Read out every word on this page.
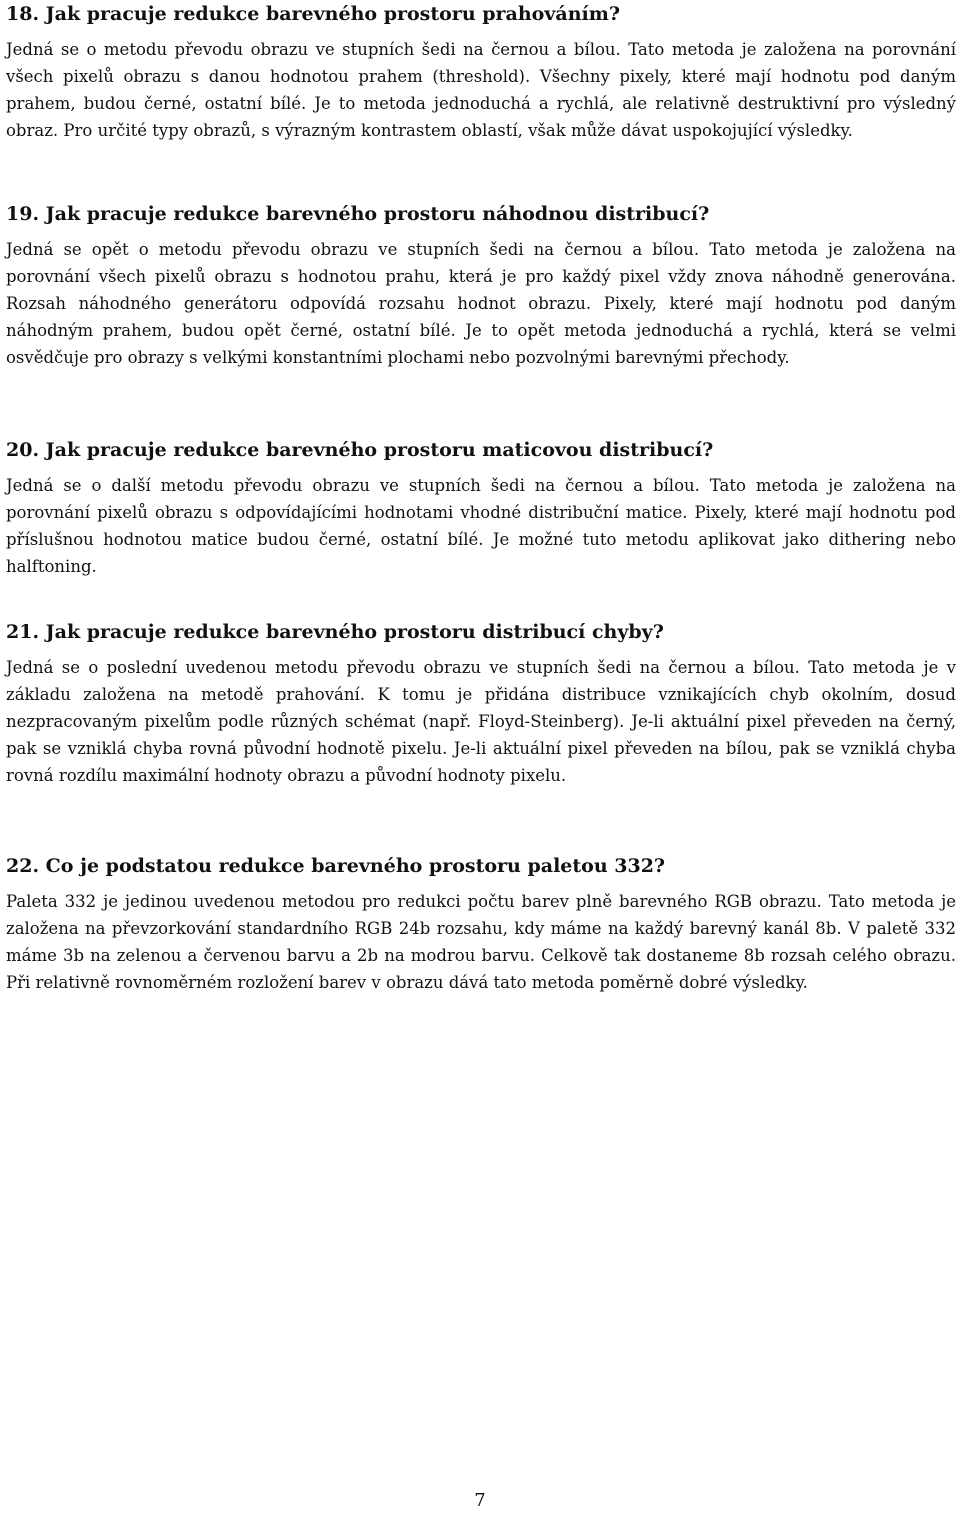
18. Jak pracuje redukce barevného prostoru prahováním?

Jedná se o metodu převodu obrazu ve stupních šedi na černou a bílou. Tato metoda je založena na porovnání všech pixelů obrazu s danou hodnotou prahem (threshold). Všechny pixely, které mají hodnotu pod daným prahem, budou černé, ostatní bílé. Je to metoda jednoduchá a rychlá, ale relativně destruktivní pro výsledný obraz. Pro určité typy obrazů, s výrazným kontrastem oblastí, však může dávat uspokojující výsledky.

19. Jak pracuje redukce barevného prostoru náhodnou distribucí?

Jedná se opět o metodu převodu obrazu ve stupních šedi na černou a bílou. Tato metoda je založena na porovnání všech pixelů obrazu s hodnotou prahu, která je pro každý pixel vždy znova náhodně generována. Rozsah náhodného generátoru odpovídá rozsahu hodnot obrazu. Pixely, které mají hodnotu pod daným náhodným prahem, budou opět černé, ostatní bílé. Je to opět metoda jednoduchá a rychlá, která se velmi osvědčuje pro obrazy s velkými konstantními plochami nebo pozvolnými barevnými přechody.

20. Jak pracuje redukce barevného prostoru maticovou distribucí?

Jedná se o další metodu převodu obrazu ve stupních šedi na černou a bílou. Tato metoda je založena na porovnání pixelů obrazu s odpovídajícími hodnotami vhodné distribuční matice. Pixely, které mají hodnotu pod příslušnou hodnotou matice budou černé, ostatní bílé. Je možné tuto metodu aplikovat jako dithering nebo halftoning.

21. Jak pracuje redukce barevného prostoru distribucí chyby?

Jedná se o poslední uvedenou metodu převodu obrazu ve stupních šedi na černou a bílou. Tato metoda je v základu založena na metodě prahování. K tomu je přidána distribuce vznikajících chyb okolním, dosud nezpracovaným pixelům podle různých schémat (např. Floyd-Steinberg). Je-li aktuální pixel převeden na černý, pak se vzniklá chyba rovná původní hodnotě pixelu. Je-li aktuální pixel převeden na bílou, pak se vzniklá chyba rovná rozdílu maximální hodnoty obrazu a původní hodnoty pixelu.

22. Co je podstatou redukce barevného prostoru paletou 332?

Paleta 332 je jedinou uvedenou metodou pro redukci počtu barev plně barevného RGB obrazu. Tato metoda je založena na převzorkování standardního RGB 24b rozsahu, kdy máme na každý barevný kanál 8b. V paletě 332 máme 3b na zelenou a červenou barvu a 2b na modrou barvu. Celkově tak dostaneme 8b rozsah celého obrazu. Při relativně rovnoměrném rozložení barev v obrazu dává tato metoda poměrně dobré výsledky.

7
